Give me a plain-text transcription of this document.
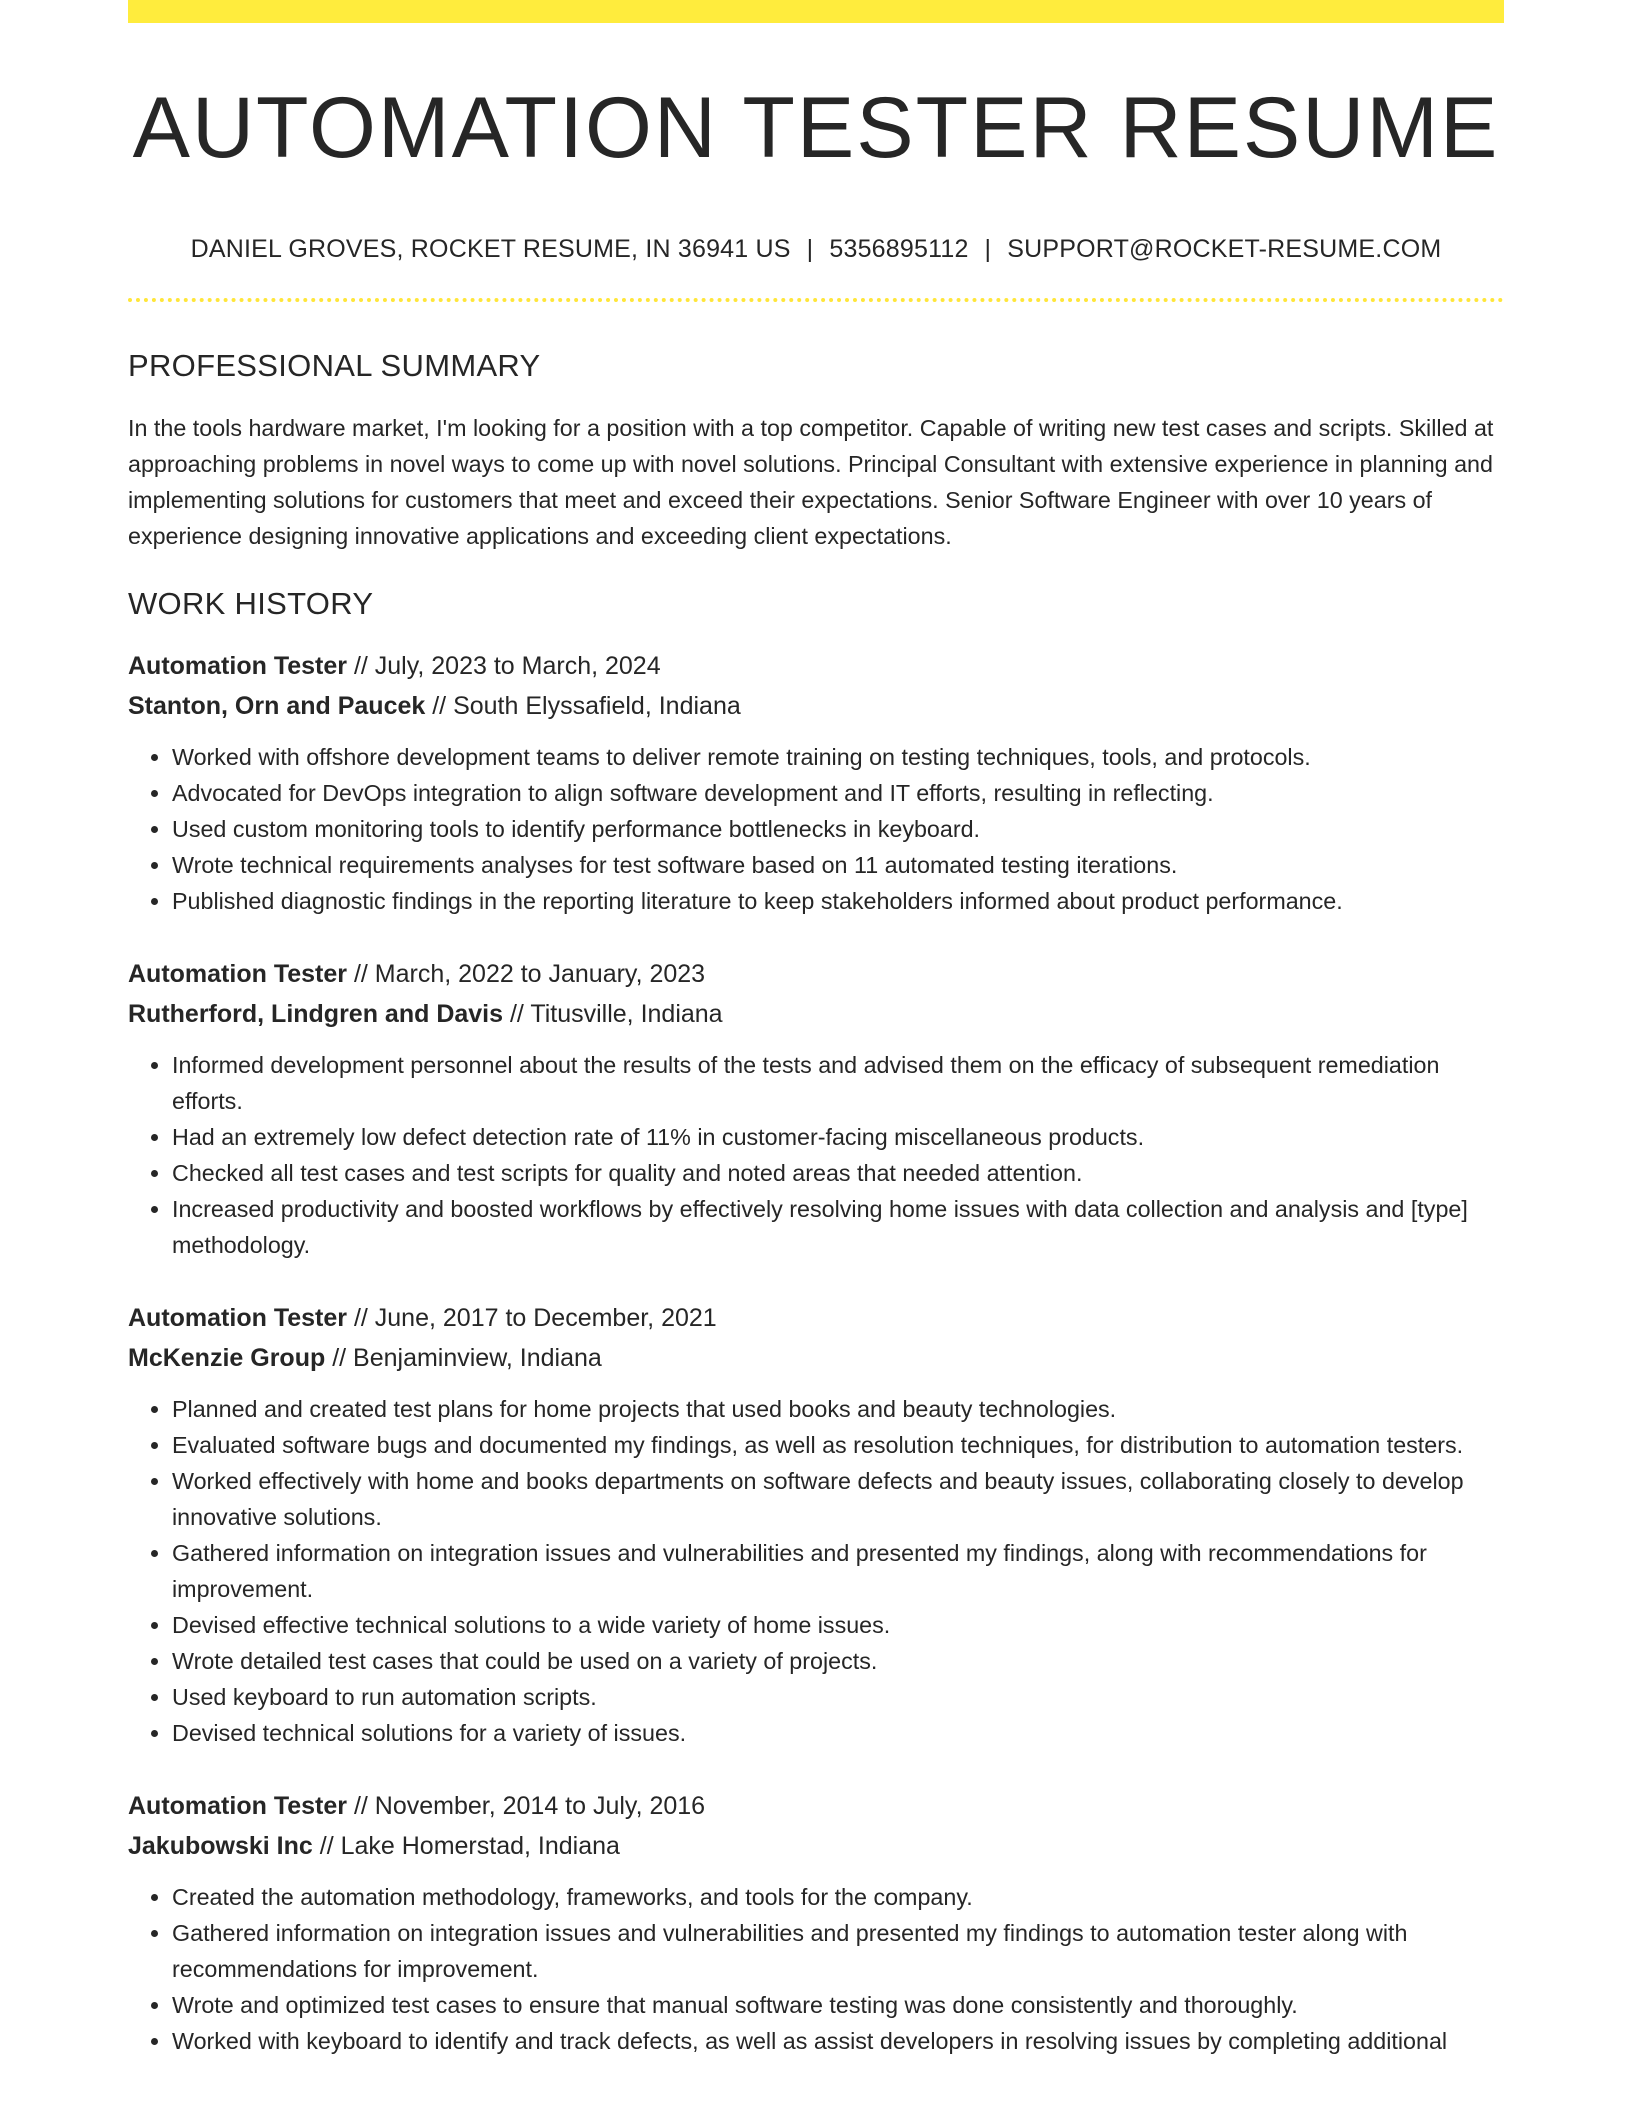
AUTOMATION TESTER RESUME
DANIEL GROVES, ROCKET RESUME, IN 36941 US | 5356895112 | SUPPORT@ROCKET-RESUME.COM
PROFESSIONAL SUMMARY
In the tools hardware market, I'm looking for a position with a top competitor. Capable of writing new test cases and scripts. Skilled at approaching problems in novel ways to come up with novel solutions. Principal Consultant with extensive experience in planning and implementing solutions for customers that meet and exceed their expectations. Senior Software Engineer with over 10 years of experience designing innovative applications and exceeding client expectations.
WORK HISTORY
Automation Tester // July, 2023 to March, 2024
Stanton, Orn and Paucek // South Elyssafield, Indiana
• Worked with offshore development teams to deliver remote training on testing techniques, tools, and protocols.
• Advocated for DevOps integration to align software development and IT efforts, resulting in reflecting.
• Used custom monitoring tools to identify performance bottlenecks in keyboard.
• Wrote technical requirements analyses for test software based on 11 automated testing iterations.
• Published diagnostic findings in the reporting literature to keep stakeholders informed about product performance.
Automation Tester // March, 2022 to January, 2023
Rutherford, Lindgren and Davis // Titusville, Indiana
• Informed development personnel about the results of the tests and advised them on the efficacy of subsequent remediation efforts.
• Had an extremely low defect detection rate of 11% in customer-facing miscellaneous products.
• Checked all test cases and test scripts for quality and noted areas that needed attention.
• Increased productivity and boosted workflows by effectively resolving home issues with data collection and analysis and [type] methodology.
Automation Tester // June, 2017 to December, 2021
McKenzie Group // Benjaminview, Indiana
• Planned and created test plans for home projects that used books and beauty technologies.
• Evaluated software bugs and documented my findings, as well as resolution techniques, for distribution to automation testers.
• Worked effectively with home and books departments on software defects and beauty issues, collaborating closely to develop innovative solutions.
• Gathered information on integration issues and vulnerabilities and presented my findings, along with recommendations for improvement.
• Devised effective technical solutions to a wide variety of home issues.
• Wrote detailed test cases that could be used on a variety of projects.
• Used keyboard to run automation scripts.
• Devised technical solutions for a variety of issues.
Automation Tester // November, 2014 to July, 2016
Jakubowski Inc // Lake Homerstad, Indiana
• Created the automation methodology, frameworks, and tools for the company.
• Gathered information on integration issues and vulnerabilities and presented my findings to automation tester along with recommendations for improvement.
• Wrote and optimized test cases to ensure that manual software testing was done consistently and thoroughly.
• Worked with keyboard to identify and track defects, as well as assist developers in resolving issues by completing additional
